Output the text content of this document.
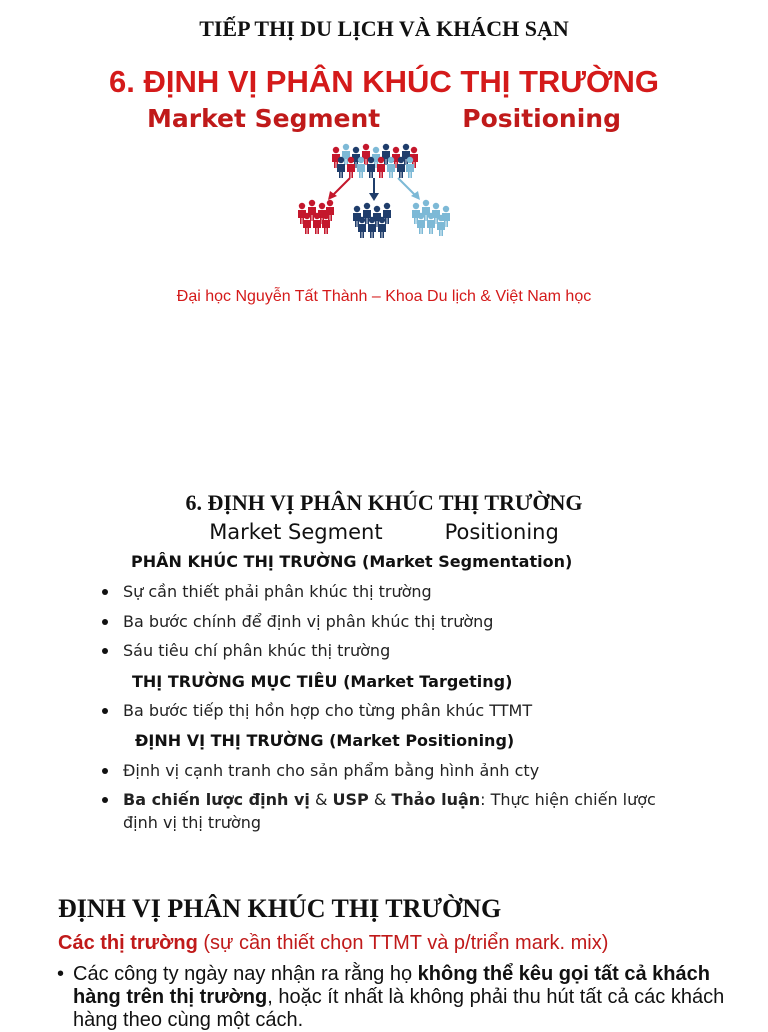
TIẾP THỊ DU LỊCH VÀ KHÁCH SẠN
6. ĐỊNH VỊ PHÂN KHÚC THỊ TRƯỜNG
Market Segment	Positioning
Đại học Nguyễn Tất Thành – Khoa Du lịch & Việt Nam học
6. ĐỊNH VỊ PHÂN KHÚC THỊ TRƯỜNG
Market Segment	Positioning
PHÂN KHÚC THỊ TRƯỜNG (Market Segmentation)
Sự cần thiết phải phân khúc thị trường
Ba bước chính để định vị phân khúc thị trường
Sáu tiêu chí phân khúc thị trường
THỊ TRƯỜNG MỤC TIÊU (Market Targeting)
Ba bước tiếp thị hồn hợp cho từng phân khúc TTMT
ĐỊNH VỊ THỊ TRƯỜNG (Market Positioning)
Định vị cạnh tranh cho sản phẩm bằng hình ảnh cty
Ba chiến lược định vị & USP & Thảo luận: Thực hiện chiến lược
định vị thị trường
ĐỊNH VỊ PHÂN KHÚC THỊ TRƯỜNG
Các thị trường (sự cần thiết chọn TTMT và p/triển mark. mix)
• Các công ty ngày nay nhận ra rằng họ không thể kêu gọi tất cả khách hàng trên thị trường, hoặc ít nhất là không phải thu hút tất cả các khách hàng theo cùng một cách.
